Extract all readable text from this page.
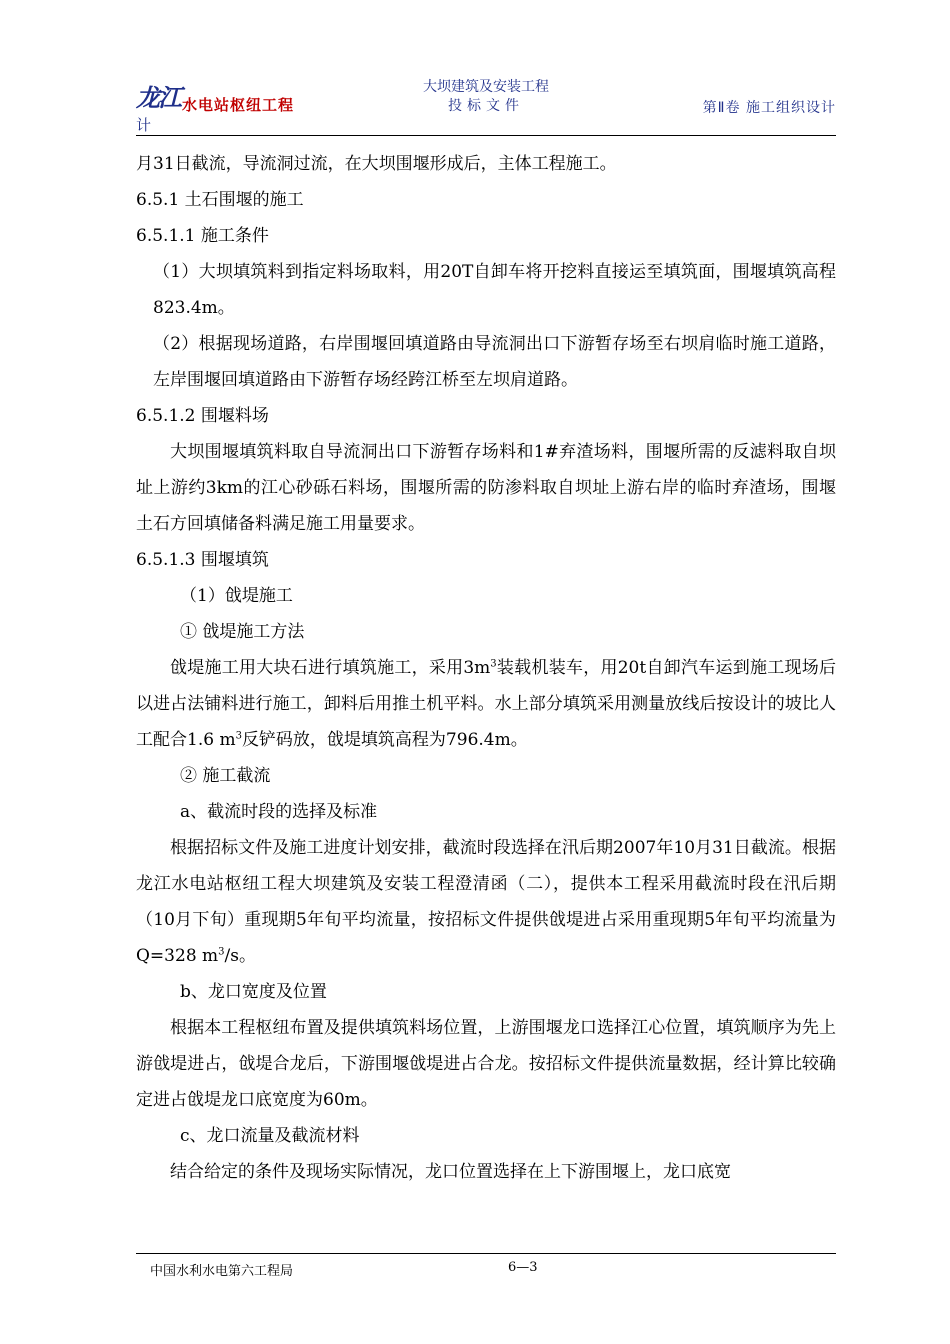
龙江 水电站枢纽工程
计
大坝建筑及安装工程
投标文件	第Ⅱ卷 施工组织设计

月31日截流，导流洞过流，在大坝围堰形成后，主体工程施工。

6.5.1 土石围堰的施工

6.5.1.1 施工条件

（1）大坝填筑料到指定料场取料，用20T自卸车将开挖料直接运至填筑面，围堰填筑高程823.4m。

（2）根据现场道路，右岸围堰回填道路由导流洞出口下游暂存场至右坝肩临时施工道路，左岸围堰回填道路由下游暂存场经跨江桥至左坝肩道路。

6.5.1.2 围堰料场

大坝围堰填筑料取自导流洞出口下游暂存场料和1#弃渣场料，围堰所需的反滤料取自坝址上游约3km的江心砂砾石料场，围堰所需的防渗料取自坝址上游右岸的临时弃渣场，围堰土石方回填储备料满足施工用量要求。

6.5.1.3 围堰填筑

（1）戗堤施工

① 戗堤施工方法

戗堤施工用大块石进行填筑施工，采用$3m^3$装载机装车，用20t自卸汽车运到施工现场后以进占法铺料进行施工，卸料后用推土机平料。水上部分填筑采用测量放线后按设计的坡比人工配合1.6 $m^3$反铲码放，戗堤填筑高程为796.4m。

② 施工截流

a、截流时段的选择及标准

根据招标文件及施工进度计划安排，截流时段选择在汛后期2007年10月31日截流。根据龙江水电站枢纽工程大坝建筑及安装工程澄清函（二），提供本工程采用截流时段在汛后期（10月下旬）重现期5年旬平均流量，按招标文件提供戗堤进占采用重现期5年旬平均流量为Q=328 $m^3/s$。

b、龙口宽度及位置

根据本工程枢纽布置及提供填筑料场位置，上游围堰龙口选择江心位置，填筑顺序为先上游戗堤进占，戗堤合龙后，下游围堰戗堤进占合龙。按招标文件提供流量数据，经计算比较确定进占戗堤龙口底宽度为60m。

c、龙口流量及截流材料

结合给定的条件及现场实际情况，龙口位置选择在上下游围堰上，龙口底宽

中国水利水电第六工程局	6—3
